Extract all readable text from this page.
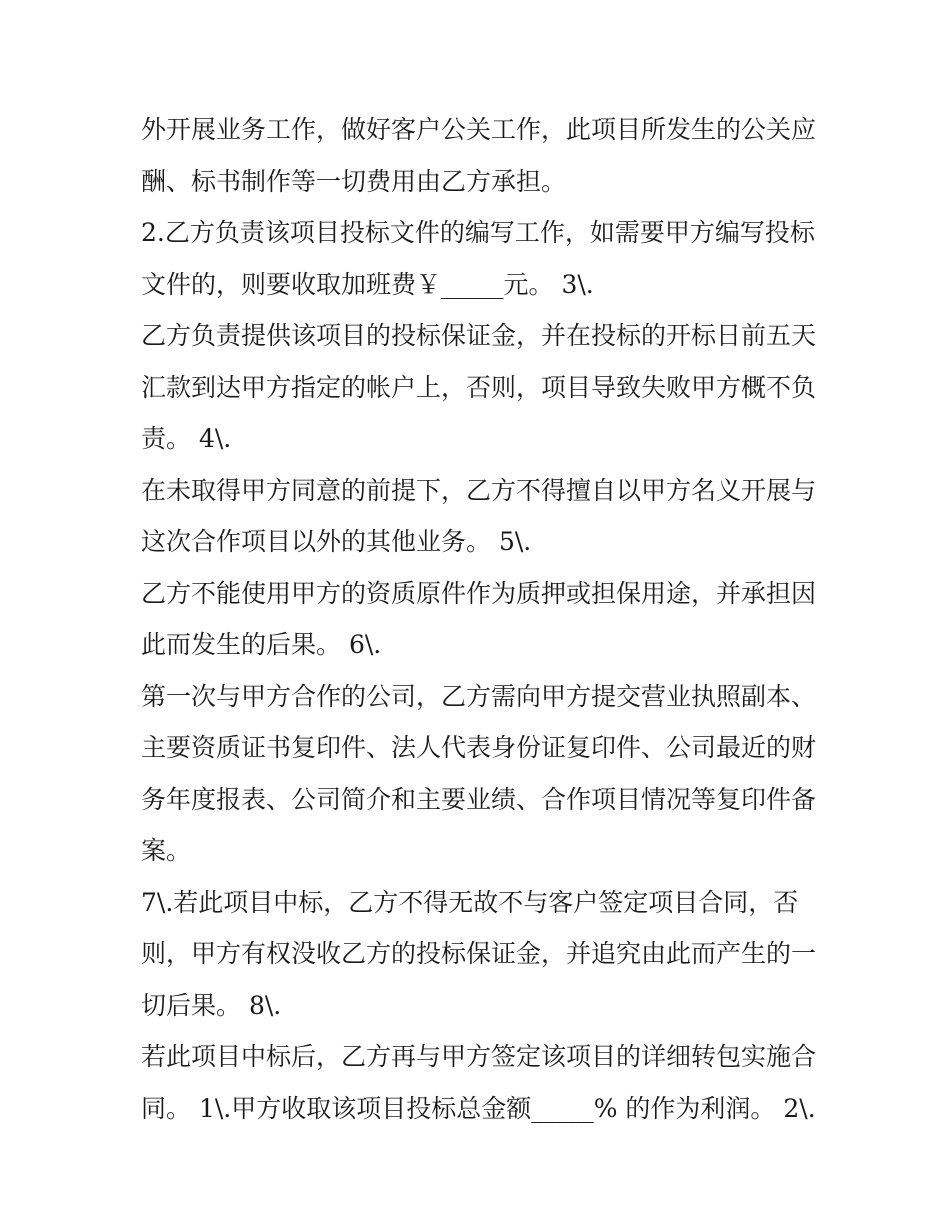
外开展业务工作，做好客户公关工作，此项目所发生的公关应
酬、标书制作等一切费用由乙方承担。
2.乙方负责该项目投标文件的编写工作，如需要甲方编写投标
文件的，则要收取加班费￥_____元。 3\.
乙方负责提供该项目的投标保证金，并在投标的开标日前五天
汇款到达甲方指定的帐户上，否则，项目导致失败甲方概不负
责。 4\.
在未取得甲方同意的前提下，乙方不得擅自以甲方名义开展与
这次合作项目以外的其他业务。 5\.
乙方不能使用甲方的资质原件作为质押或担保用途，并承担因
此而发生的后果。 6\.
第一次与甲方合作的公司，乙方需向甲方提交营业执照副本、
主要资质证书复印件、法人代表身份证复印件、公司最近的财
务年度报表、公司简介和主要业绩、合作项目情况等复印件备
案。
7\.若此项目中标，乙方不得无故不与客户签定项目合同，否
则，甲方有权没收乙方的投标保证金，并追究由此而产生的一
切后果。 8\.
若此项目中标后，乙方再与甲方签定该项目的详细转包实施合
同。 1\.甲方收取该项目投标总金额_____% 的作为利润。 2\.
